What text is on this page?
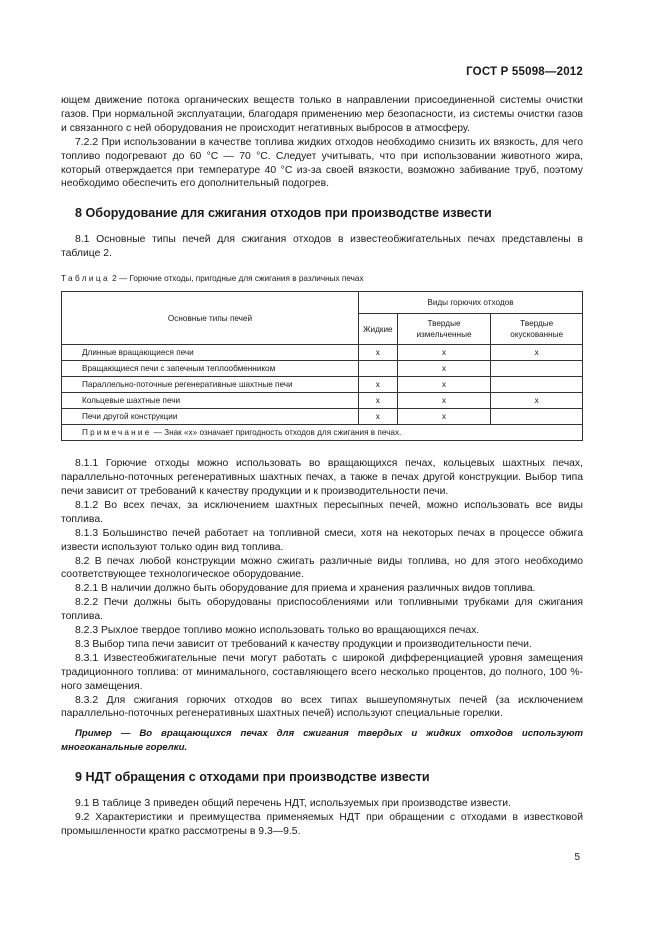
ГОСТ Р 55098—2012

ющем движение потока органических веществ только в направлении присоединенной системы очистки газов. При нормальной эксплуатации, благодаря применению мер безопасности, из системы очистки газов и связанного с ней оборудования не происходит негативных выбросов в атмосферу.

7.2.2 При использовании в качестве топлива жидких отходов необходимо снизить их вязкость, для чего топливо подогревают до 60 °C — 70 °C. Следует учитывать, что при использовании животного жира, который отверждается при температуре 40 °C из-за своей вязкости, возможно забивание труб, поэтому необходимо обеспечить его дополнительный подогрев.

8 Оборудование для сжигания отходов при производстве извести

8.1 Основные типы печей для сжигания отходов в известеобжигательных печах представлены в таблице 2.

Таблица 2 — Горючие отходы, пригодные для сжигания в различных печах

Основные типы печей	Виды горючих отходов		
	Жидкие	Твердые измельченные	Твердые окускованные
Длинные вращающиеся печи	x	x	x
Вращающиеся печи с запечным теплообменником		x	
Параллельно-поточные регенеративные шахтные печи	x	x	
Кольцевые шахтные печи	x	x	x
Печи другой конструкции	x	x	
Примечание — Знак «х» означает пригодность отходов для сжигания в печах.			

8.1.1 Горючие отходы можно использовать во вращающихся печах, кольцевых шахтных печах, параллельно-поточных регенеративных шахтных печах, а также в печах другой конструкции. Выбор типа печи зависит от требований к качеству продукции и к производительности печи.

8.1.2 Во всех печах, за исключением шахтных пересыпных печей, можно использовать все виды топлива.

8.1.3 Большинство печей работает на топливной смеси, хотя на некоторых печах в процессе обжига извести используют только один вид топлива.

8.2 В печах любой конструкции можно сжигать различные виды топлива, но для этого необходимо соответствующее технологическое оборудование.

8.2.1 В наличии должно быть оборудование для приема и хранения различных видов топлива.

8.2.2 Печи должны быть оборудованы приспособлениями или топливными трубками для сжигания топлива.

8.2.3 Рыхлое твердое топливо можно использовать только во вращающихся печах.

8.3 Выбор типа печи зависит от требований к качеству продукции и производительности печи.

8.3.1 Известеобжигательные печи могут работать с широкой дифференциацией уровня замещения традиционного топлива: от минимального, составляющего всего несколько процентов, до полного, 100 %-ного замещения.

8.3.2 Для сжигания горючих отходов во всех типах вышеупомянутых печей (за исключением параллельно-поточных регенеративных шахтных печей) используют специальные горелки.

Пример — Во вращающихся печах для сжигания твердых и жидких отходов используют многоканальные горелки.

9 НДТ обращения с отходами при производстве извести

9.1 В таблице 3 приведен общий перечень НДТ, используемых при производстве извести.

9.2 Характеристики и преимущества применяемых НДТ при обращении с отходами в известковой промышленности кратко рассмотрены в 9.3—9.5.

5
